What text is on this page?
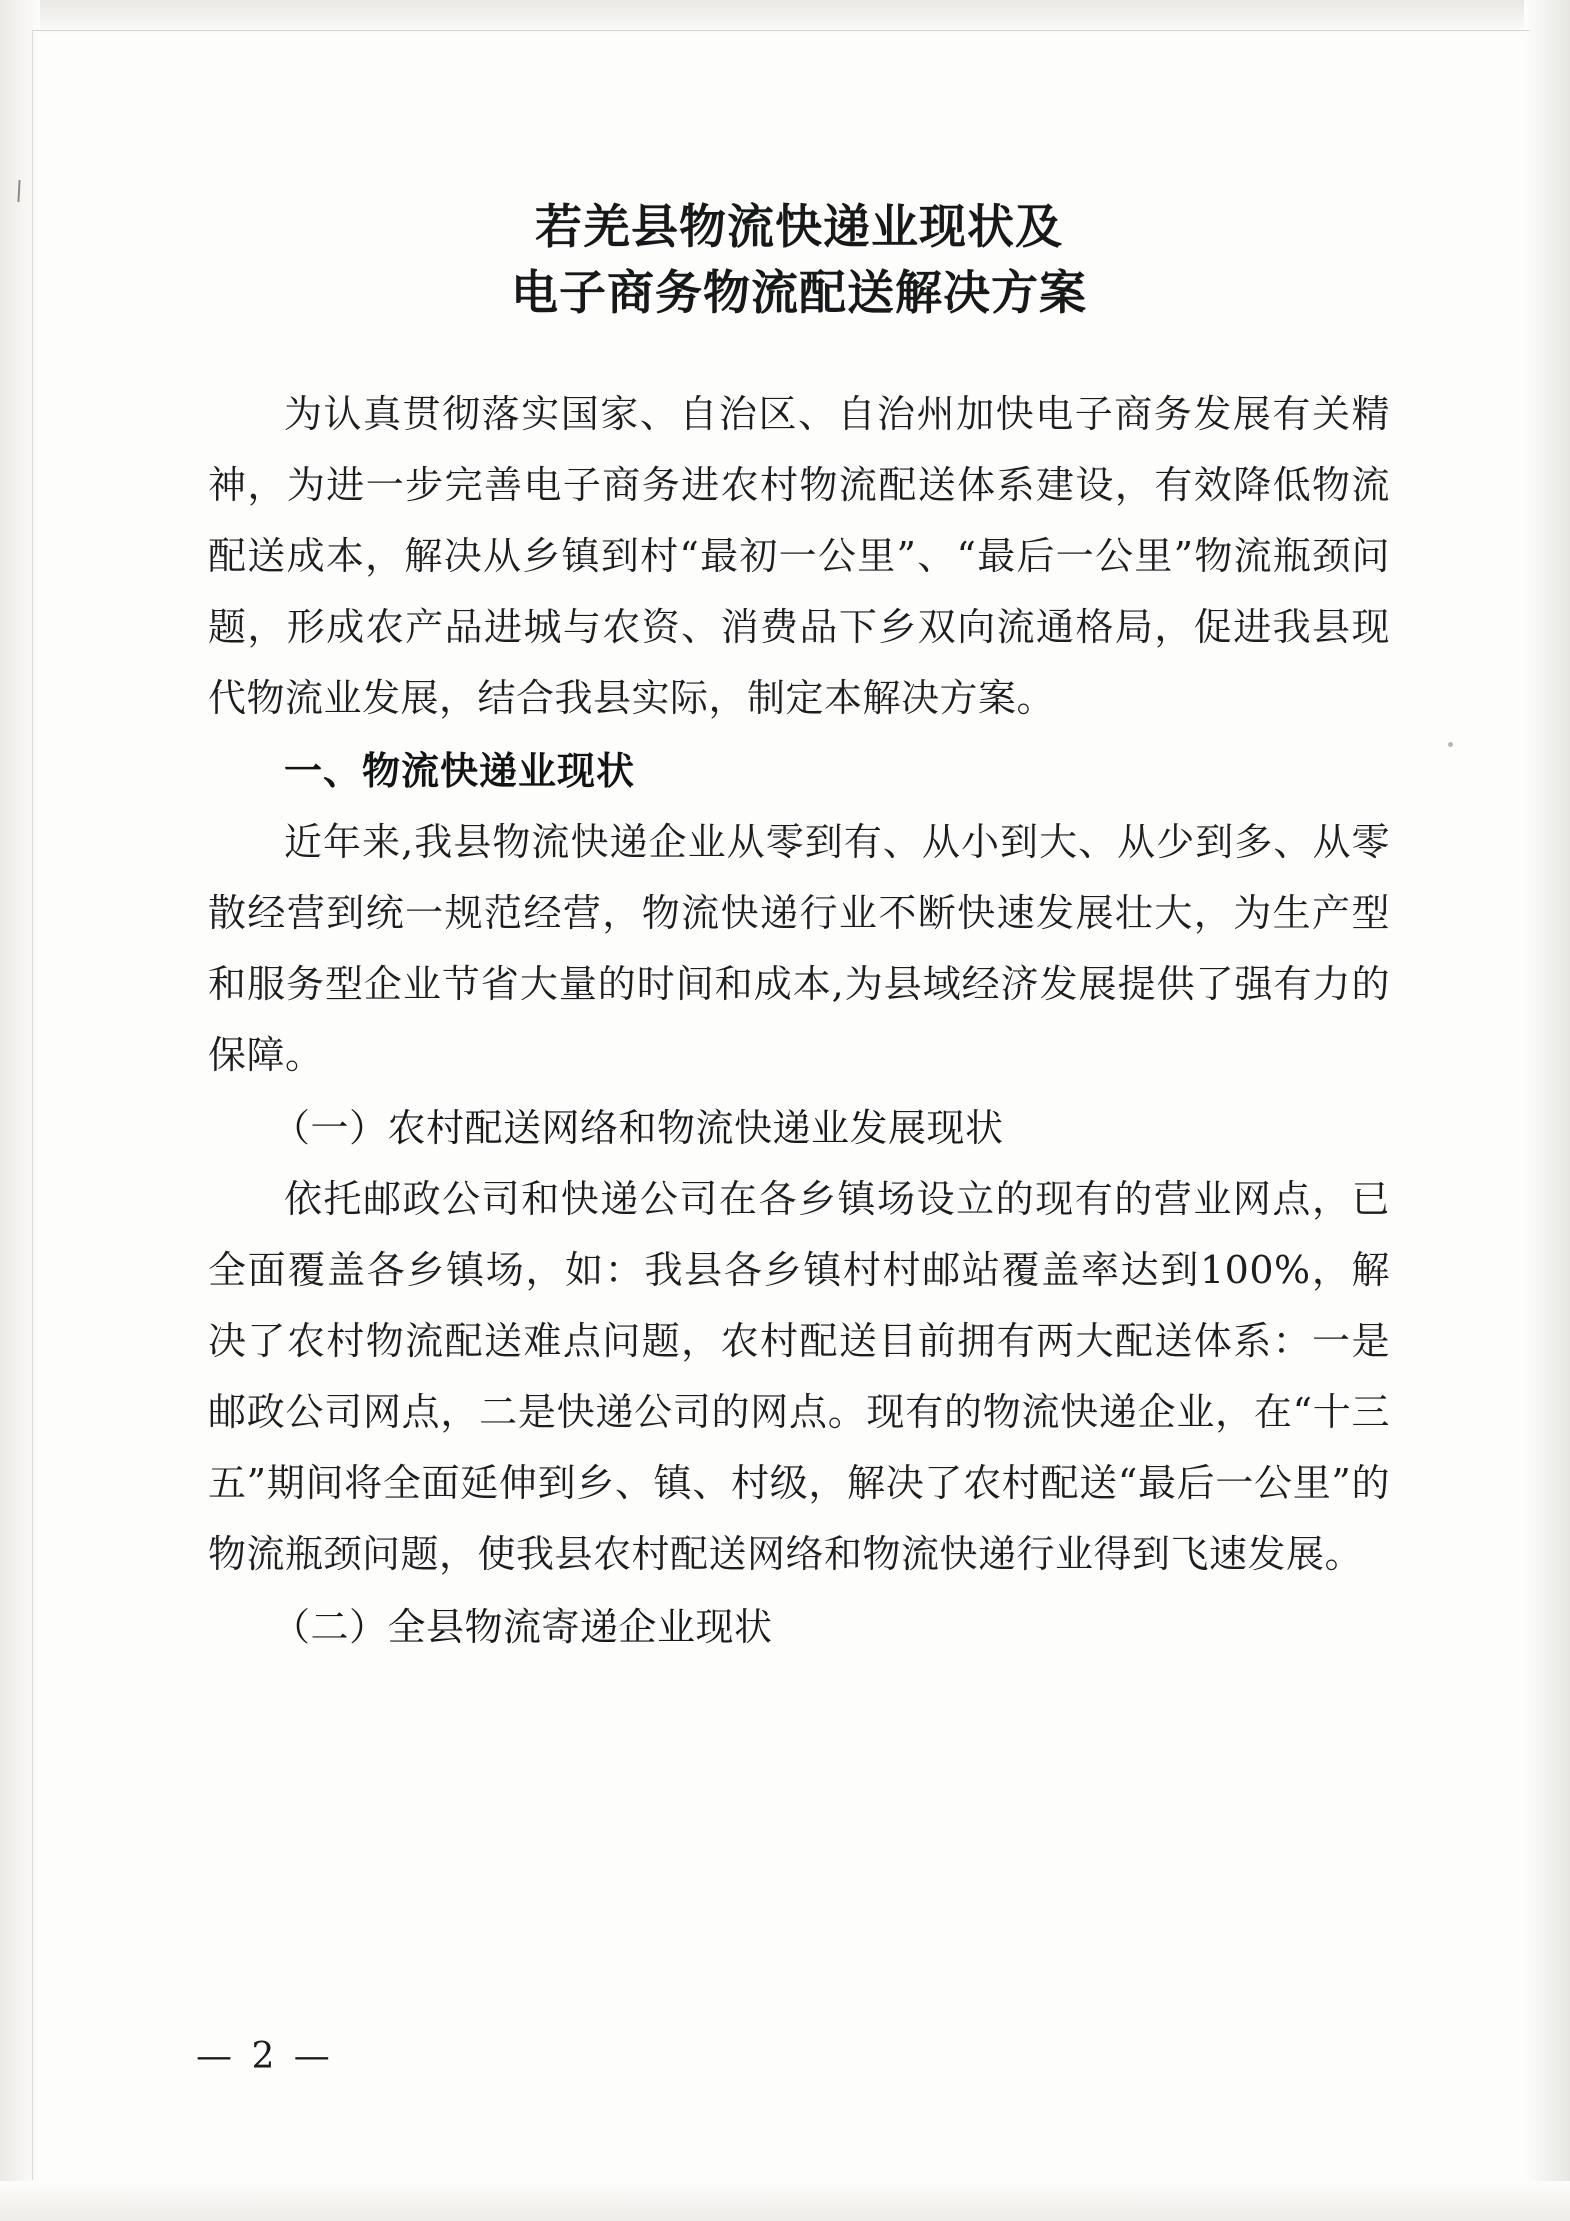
若羌县物流快递业现状及
电子商务物流配送解决方案

为认真贯彻落实国家、自治区、自治州加快电子商务发展有关精神，为进一步完善电子商务进农村物流配送体系建设，有效降低物流配送成本，解决从乡镇到村“最初一公里”、“最后一公里”物流瓶颈问题，形成农产品进城与农资、消费品下乡双向流通格局，促进我县现代物流业发展，结合我县实际，制定本解决方案。

一、物流快递业现状

近年来,我县物流快递企业从零到有、从小到大、从少到多、从零散经营到统一规范经营，物流快递行业不断快速发展壮大，为生产型和服务型企业节省大量的时间和成本,为县域经济发展提供了强有力的保障。

（一）农村配送网络和物流快递业发展现状

依托邮政公司和快递公司在各乡镇场设立的现有的营业网点，已全面覆盖各乡镇场，如：我县各乡镇村村邮站覆盖率达到100%，解决了农村物流配送难点问题，农村配送目前拥有两大配送体系：一是邮政公司网点，二是快递公司的网点。现有的物流快递企业，在“十三五”期间将全面延伸到乡、镇、村级，解决了农村配送“最后一公里”的物流瓶颈问题，使我县农村配送网络和物流快递行业得到飞速发展。

（二）全县物流寄递企业现状

— 2 —
